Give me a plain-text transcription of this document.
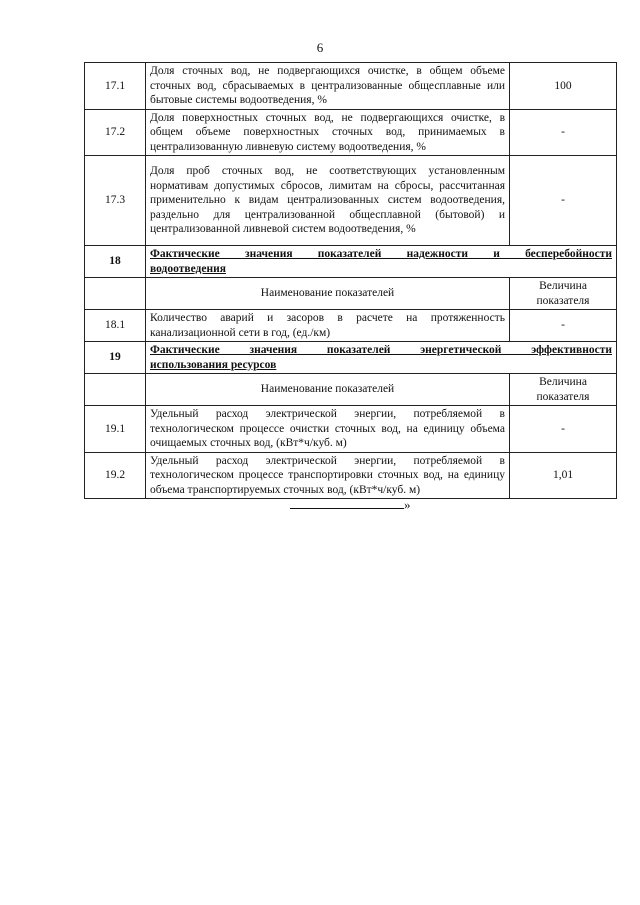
6
17.1	Доля сточных вод, не подвергающихся очистке, в общем объеме сточных вод, сбрасываемых в централизованные общесплавные или бытовые системы водоотведения, %	100
17.2	Доля поверхностных сточных вод, не подвергающихся очистке, в общем объеме поверхностных сточных вод, принимаемых в централизованную ливневую систему водоотведения, %	-
17.3	Доля проб сточных вод, не соответствующих установленным нормативам допустимых сбросов, лимитам на сбросы, рассчитанная применительно к видам централизованных систем водоотведения, раздельно для централизованной общесплавной (бытовой) и централизованной ливневой систем водоотведения, %	-
18	Фактические значения показателей надежности и бесперебойности
водоотведения	

	Наименование показателей	Величина показателя
18.1	Количество аварий и засоров в расчете на протяженность канализационной сети в год, (ед./км)	-
19	Фактические значения показателей энергетической эффективности
использования ресурсов	

	Наименование показателей	Величина показателя
19.1	Удельный расход электрической энергии, потребляемой в технологическом процессе очистки сточных вод, на единицу объема очищаемых сточных вод, (кВт*ч/куб. м)	-
19.2	Удельный расход электрической энергии, потребляемой в технологическом процессе транспортировки сточных вод, на единицу объема транспортируемых сточных вод, (кВт*ч/куб. м)	1,01
»
